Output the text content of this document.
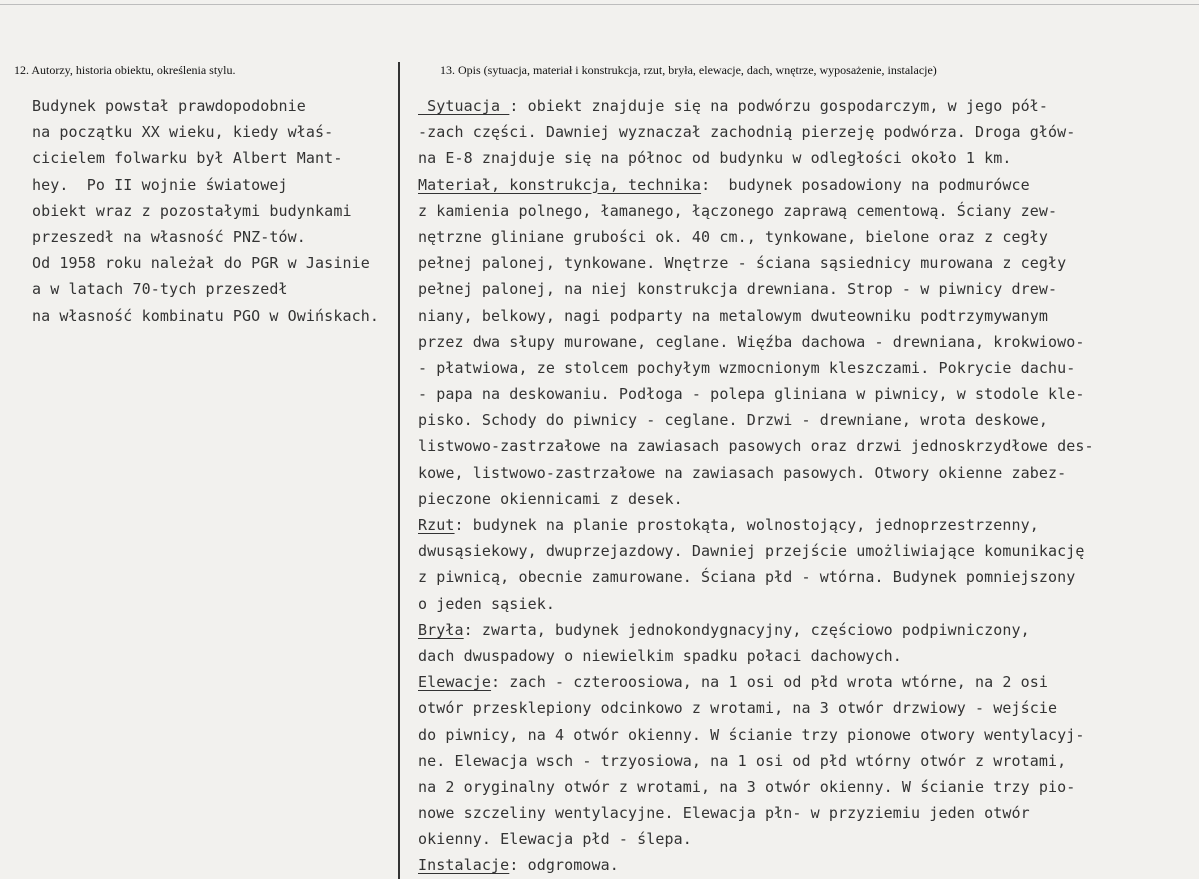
12. Autorzy, historia obiektu, określenia stylu.	13. Opis (sytuacja, materiał i konstrukcja, rzut, bryła, elewacje, dach, wnętrze, wyposażenie, instalacje)
Budynek powstał prawdopodobnie
na początku XX wieku, kiedy właś-
cicielem folwarku był Albert Mant-
hey.  Po II wojnie światowej
obiekt wraz z pozostałymi budynkami
przeszedł na własność PNZ-tów.
Od 1958 roku należał do PGR w Jasinie
a w latach 70-tych przeszedł
na własność kombinatu PGO w Owińskach.
_Sytuacja_: obiekt znajduje się na podwórzu gospodarczym, w jego pół-
-zach części. Dawniej wyznaczał zachodnią pierzeję podwórza. Droga głów-
na E-8 znajduje się na północ od budynku w odległości około 1 km.
Materiał, konstrukcja, technika:  budynek posadowiony na podmurówce
z kamienia polnego, łamanego, łączonego zaprawą cementową. Ściany zew-
nętrzne gliniane grubości ok. 40 cm., tynkowane, bielone oraz z cegły
pełnej palonej, tynkowane. Wnętrze - ściana sąsiednicy murowana z cegły
pełnej palonej, na niej konstrukcja drewniana. Strop - w piwnicy drew-
niany, belkowy, nagi podparty na metalowym dwuteowniku podtrzymywanym
przez dwa słupy murowane, ceglane. Więźba dachowa - drewniana, krokwiowo-
- płatwiowa, ze stolcem pochyłym wzmocnionym kleszczami. Pokrycie dachu-
- papa na deskowaniu. Podłoga - polepa gliniana w piwnicy, w stodole kle-
pisko. Schody do piwnicy - ceglane. Drzwi - drewniane, wrota deskowe,
listwowo-zastrzałowe na zawiasach pasowych oraz drzwi jednoskrzydłowe des-
kowe, listwowo-zastrzałowe na zawiasach pasowych. Otwory okienne zabez-
pieczone okiennicami z desek.
Rzut: budynek na planie prostokąta, wolnostojący, jednoprzestrzenny,
dwusąsiekowy, dwuprzejazdowy. Dawniej przejście umożliwiające komunikację
z piwnicą, obecnie zamurowane. Ściana płd - wtórna. Budynek pomniejszony
o jeden sąsiek.
Bryła: zwarta, budynek jednokondygnacyjny, częściowo podpiwniczony,
dach dwuspadowy o niewielkim spadku połaci dachowych.
Elewacje: zach - czteroosiowa, na 1 osi od płd wrota wtórne, na 2 osi
otwór przesklepiony odcinkowo z wrotami, na 3 otwór drzwiowy - wejście
do piwnicy, na 4 otwór okienny. W ścianie trzy pionowe otwory wentylacyj-
ne. Elewacja wsch - trzyosiowa, na 1 osi od płd wtórny otwór z wrotami,
na 2 oryginalny otwór z wrotami, na 3 otwór okienny. W ścianie trzy pio-
nowe szczeliny wentylacyjne. Elewacja płn- w przyziemiu jeden otwór
okienny. Elewacja płd - ślepa.
Instalacje: odgromowa.
